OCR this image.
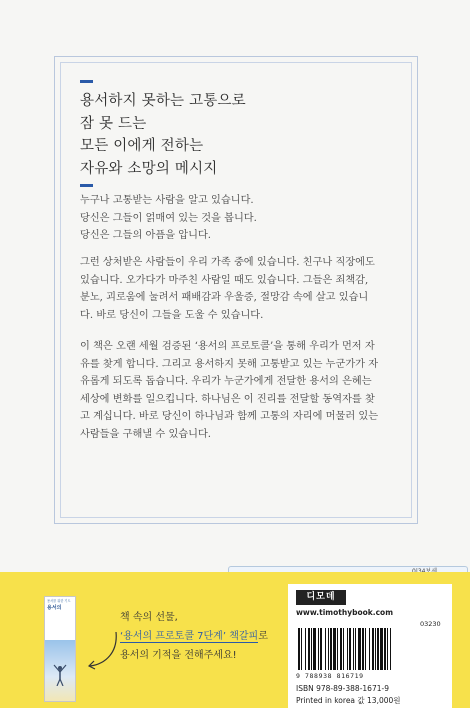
용서하지 못하는 고통으로
잠 못 드는
모든 이에게 전하는
자유와 소망의 메시지
누구나 고통받는 사람을 알고 있습니다.
당신은 그들이 얽매여 있는 것을 봅니다.
당신은 그들의 아픔을 압니다.
그런 상처받은 사람들이 우리 가족 중에 있습니다. 친구나 직장에도
있습니다. 오가다가 마주친 사람일 때도 있습니다. 그들은 죄책감,
분노, 괴로움에 눌려서 패배감과 우울증, 절망감 속에 살고 있습니
다. 바로 당신이 그들을 도울 수 있습니다.
이 책은 오랜 세월 검증된 ‘용서의 프로토콜’을 통해 우리가 먼저 자
유를 찾게 합니다. 그리고 용서하지 못해 고통받고 있는 누군가가 자
유롭게 되도록 돕습니다. 우리가 누군가에게 전달한 용서의 은혜는
세상에 변화를 일으킵니다. 하나님은 이 진리를 전달할 동역자를 찾
고 계십니다. 바로 당신이 하나님과 함께 고통의 자리에 머물러 있는
사람들을 구해낼 수 있습니다.
용서를 위한 기도
용서의
책 속의 선물,
‘용서의 프로토콜 7단계’ 책갈피로
용서의 기적을 전해주세요!
디모데
www.timothybook.com
03230
9 788938 816719
ISBN 978-89-388-1671-9
Printed in korea 값 13,000원
